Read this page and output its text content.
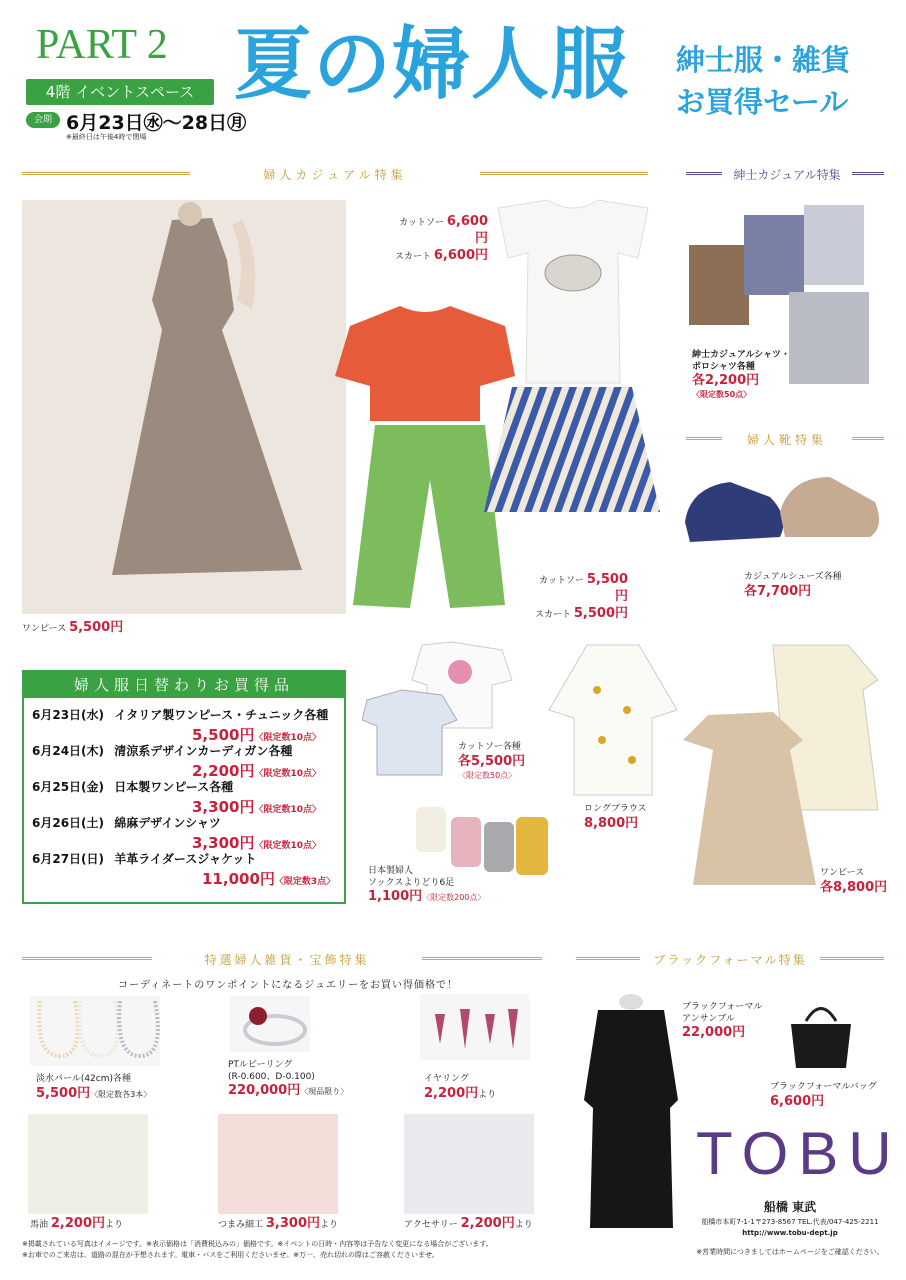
PART 2
4階 イベントスペース
会期 6月23日㊌〜28日㊊
※最終日は午後4時で閉場
夏の婦人服 紳士服・雑貨
お買得セール
婦人カジュアル特集	紳士カジュアル特集
ワンピース 5,500円
カットソー 6,600円
スカート 6,600円
カットソー 5,500円
スカート 5,500円
紳士カジュアルシャツ・
ポロシャツ各種
各2,200円
〈限定数50点〉
婦人靴特集
カジュアルシューズ各種
各7,700円
婦人服日替わりお買得品
6月23日(水) イタリア製ワンピース・チュニック各種
5,500円〈限定数10点〉
6月24日(木) 清涼系デザインカーディガン各種
2,200円〈限定数10点〉
6月25日(金) 日本製ワンピース各種
3,300円〈限定数10点〉
6月26日(土) 綿麻デザインシャツ
3,300円〈限定数10点〉
6月27日(日) 羊革ライダースジャケット
11,000円〈限定数3点〉
カットソー各種
各5,500円
〈限定数50点〉
ロングブラウス
8,800円
ワンピース
各8,800円
日本製婦人
ソックスよりどり6足
1,100円〈限定数200点〉
特選婦人雑貨・宝飾特集
コーディネートのワンポイントになるジュエリーをお買い得価格で！
淡水パール(42cm)各種
5,500円〈限定数各3本〉
PTルビーリング
(R-0.600、D-0.100)
220,000円〈現品限り〉
イヤリング
2,200円より
馬油 2,200円より	つまみ細工 3,300円より	アクセサリー 2,200円より
ブラックフォーマル特集
ブラックフォーマル
アンサンブル
22,000円
ブラックフォーマルバッグ
6,600円
TOBU
船橋 東武
船橋市本町7-1-1〒273-8567 TEL.代表/047-425-2211
http://www.tobu-dept.jp
※営業時間につきましてはホームページをご確認ください。
※掲載されている写真はイメージです。※表示価格は「消費税込みの」価格です。※イベントの日時・内容等は予告なく変更になる場合がございます。
※お車でのご来店は、道路の混在が予想されます。電車・バスをご利用くださいませ。※万一、売れ切れの際はご容赦くださいませ。
